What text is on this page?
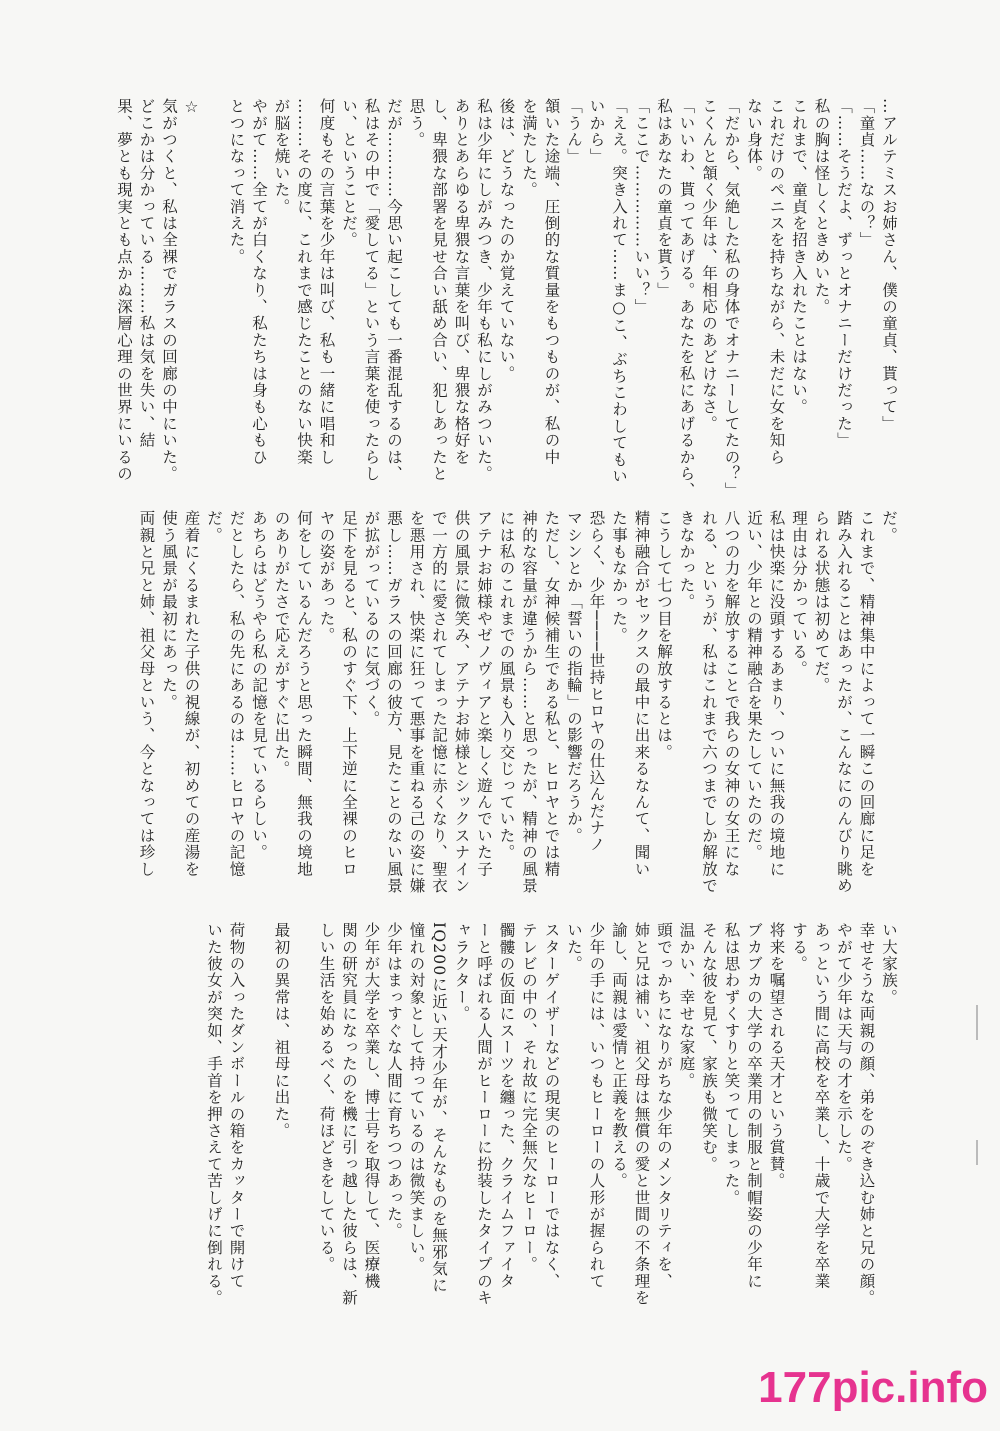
…アルテミスお姉さん、僕の童貞、貰って」

「童貞……なの？」

「……そうだよ、ずっとオナニーだけだった」

私の胸は怪しくときめいた。

これまで、童貞を招き入れたことはない。

これだけのペニスを持ちながら、未だに女を知ら

ない身体。

「だから、気絶した私の身体でオナニーしてたの？」

こくんと頷く少年は、年相応のあどけなさ。

「いいわ、貰ってあげる。あなたを私にあげるから、

私はあなたの童貞を貰う」

「ここで……………いい？」

「ええ。突き入れて……ま○こ、ぶちこわしてもい

いから」

「うん」

頷いた途端、圧倒的な質量をもつものが、私の中

を満たした。

後は、どうなったのか覚えていない。

私は少年にしがみつき、少年も私にしがみついた。

ありとあらゆる卑猥な言葉を叫び、卑猥な格好を

し、卑猥な部署を見せ合い舐め合い、犯しあったと

思う。

だが…………今思い起こしても一番混乱するのは、

私はその中で「愛してる」という言葉を使ったらし

い、ということだ。

何度もその言葉を少年は叫び、私も一緒に唱和し

………その度に、これまで感じたことのない快楽

が脳を焼いた。

やがて……全てが白くなり、私たちは身も心もひ

とつになって消えた。

☆

気がつくと、私は全裸でガラスの回廊の中にいた。

どこかは分かっている………私は気を失い、結

果、夢とも現実とも点かぬ深層心理の世界にいるの

だ。

これまで、精神集中によって一瞬この回廊に足を

踏み入れることはあったが、こんなにのんびり眺め

られる状態は初めてだ。

理由は分かっている。

私は快楽に没頭するあまり、ついに無我の境地に

近い、少年との精神融合を果たしていたのだ。

八つの力を解放することで我らの女神の女王にな

れる、というが、私はこれまで六つまでしか解放で

きなかった。

こうして七つ目を解放するとは。

精神融合がセックスの最中に出来るなんて、聞い

た事もなかった。

恐らく、少年────世持ヒロヤの仕込んだナノ

マシンとか「誓いの指輪」の影響だろうか。

ただし、女神候補生である私と、ヒロヤとでは精

神的な容量が違うから……と思ったが、精神の風景

には私のこれまでの風景も入り交じっていた。

アテナお姉様やゼノヴィアと楽しく遊んでいた子

供の風景に微笑み、アテナお姉様とシックスナイン

で一方的に愛されてしまった記憶に赤くなり、聖衣

を悪用され、快楽に狂って悪事を重ねる己の姿に嫌

悪し……ガラスの回廊の彼方、見たことのない風景

が拡がっているのに気づく。

足下を見ると、私のすぐ下、上下逆に全裸のヒロ

ヤの姿があった。

何をしているんだろうと思った瞬間、無我の境地

のありがたさで応えがすぐに出た。

あちらはどうやら私の記憶を見ているらしい。

だとしたら、私の先にあるのは……ヒロヤの記憶

だ。

産着にくるまれた子供の視線が、初めての産湯を

使う風景が最初にあった。

両親と兄と姉、祖父母という、今となっては珍し

い大家族。

幸せそうな両親の顔、弟をのぞき込む姉と兄の顔。

やがて少年は天与の才を示した。

あっという間に高校を卒業し、十歳で大学を卒業

する。

将来を嘱望される天才という賞賛。

ブカブカの大学の卒業用の制服と制帽姿の少年に

私は思わずくすりと笑ってしまった。

そんな彼を見て、家族も微笑む。

温かい、幸せな家庭。

頭でっかちになりがちな少年のメンタリティを、

姉と兄は補い、祖父母は無償の愛と世間の不条理を

諭し、両親は愛情と正義を教える。

少年の手には、いつもヒーローの人形が握られて

いた。

スターゲイザーなどの現実のヒーローではなく、

テレビの中の、それ故に完全無欠なヒーロー。

髑髏の仮面にスーツを纏った、クライムファイタ

ーと呼ばれる人間がヒーローに扮装したタイプのキ

ャラクター。

IQ200に近い天才少年が、そんなものを無邪気に

憧れの対象として持っているのは微笑ましい。

少年はまっすぐな人間に育ちつつあった。

少年が大学を卒業し、博士号を取得して、医療機

関の研究員になったのを機に引っ越した彼らは、新

しい生活を始めるべく、荷ほどきをしている。

最初の異常は、祖母に出た。

荷物の入ったダンボールの箱をカッターで開けて

いた彼女が突如、手首を押さえて苦しげに倒れる。

177pic.info
